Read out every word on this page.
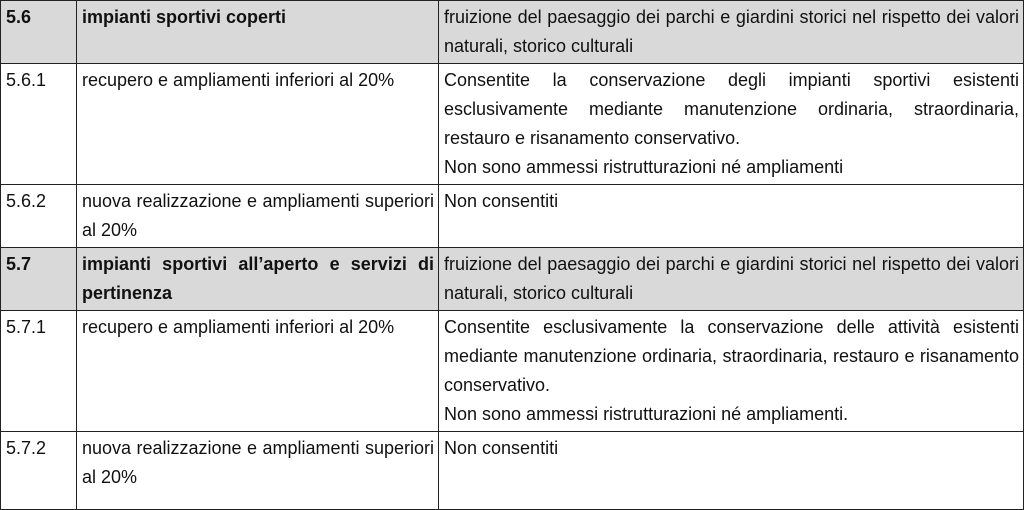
5.6	impianti sportivi coperti	fruizione del paesaggio dei parchi e giardini storici nel rispetto dei valori naturali, storico culturali

5.6.1	recupero e ampliamenti inferiori al 20%	Consentite la conservazione degli impianti sportivi esistenti esclusivamente mediante manutenzione ordinaria, straordinaria, restauro e risanamento conservativo.
Non sono ammessi ristrutturazioni né ampliamenti

5.6.2	nuova realizzazione e ampliamenti superiori al 20%	Non consentiti

5.7	impianti sportivi all’aperto e servizi di pertinenza	fruizione del paesaggio dei parchi e giardini storici nel rispetto dei valori naturali, storico culturali

5.7.1	recupero e ampliamenti inferiori al 20%	Consentite esclusivamente la conservazione delle attività esistenti mediante manutenzione ordinaria, straordinaria, restauro e risanamento conservativo.
Non sono ammessi ristrutturazioni né ampliamenti.

5.7.2	nuova realizzazione e ampliamenti superiori al 20%	Non consentiti
